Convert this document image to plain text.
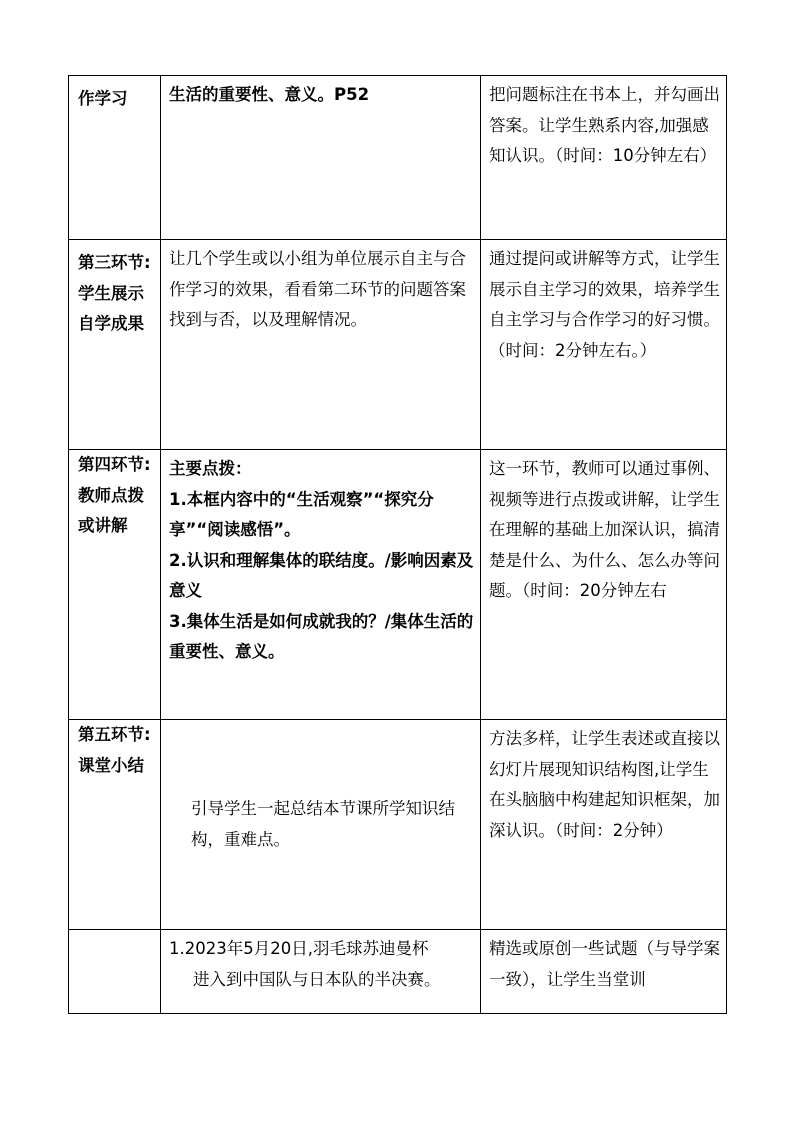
作学习	生活的重要性、意义。P52	把问题标注在书本上，并勾画出答案。让学生熟系内容,加强感知认识。（时间：10分钟左右）

第三环节:
学生展示
自学成果	让几个学生或以小组为单位展示自主与合作学习的效果，看看第二环节的问题答案找到与否，以及理解情况。	通过提问或讲解等方式，让学生展示自主学习的效果，培养学生自主学习与合作学习的好习惯。（时间：2分钟左右。）

第四环节:
教师点拨
或讲解	主要点拨：
1.本框内容中的“生活观察”“探究分享”“阅读感悟”。
2.认识和理解集体的联结度。/影响因素及意义
3.集体生活是如何成就我的？/集体生活的重要性、意义。	这一环节，教师可以通过事例、视频等进行点拨或讲解，让学生在理解的基础上加深认识，搞清楚是什么、为什么、怎么办等问题。（时间：20分钟左右

第五环节:
课堂小结	引导学生一起总结本节课所学知识结构，重难点。	方法多样，让学生表述或直接以幻灯片展现知识结构图,让学生在头脑脑中构建起知识框架，加深认识。（时间：2分钟）

	1.2023年5月20日,羽毛球苏迪曼杯
进入到中国队与日本队的半决赛。	精选或原创一些试题（与导学案一致），让学生当堂训
